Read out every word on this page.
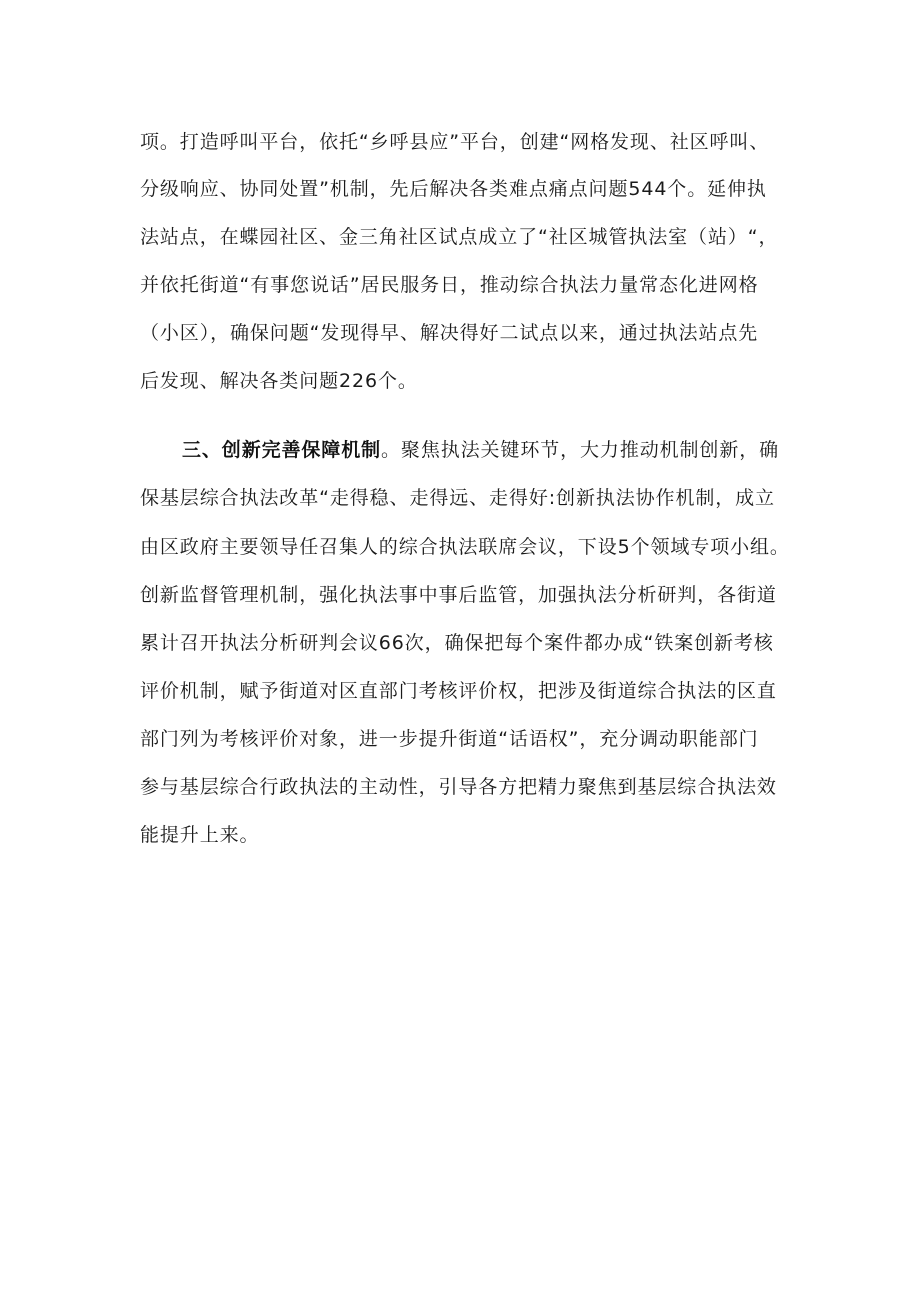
项。打造呼叫平台，依托“乡呼县应”平台，创建“网格发现、社区呼叫、

分级响应、协同处置”机制，先后解决各类难点痛点问题544个。延伸执

法站点，在蝶园社区、金三角社区试点成立了“社区城管执法室（站）“，

并依托街道“有事您说话”居民服务日，推动综合执法力量常态化进网格

（小区），确保问题“发现得早、解决得好二试点以来，通过执法站点先

后发现、解决各类问题226个。

三、创新完善保障机制。聚焦执法关键环节，大力推动机制创新，确

保基层综合执法改革“走得稳、走得远、走得好:创新执法协作机制，成立

由区政府主要领导任召集人的综合执法联席会议，下设5个领域专项小组。

创新监督管理机制，强化执法事中事后监管，加强执法分析研判，各街道

累计召开执法分析研判会议66次，确保把每个案件都办成“铁案创新考核

评价机制，赋予街道对区直部门考核评价权，把涉及街道综合执法的区直

部门列为考核评价对象，进一步提升街道“话语权”，充分调动职能部门

参与基层综合行政执法的主动性，引导各方把精力聚焦到基层综合执法效

能提升上来。
